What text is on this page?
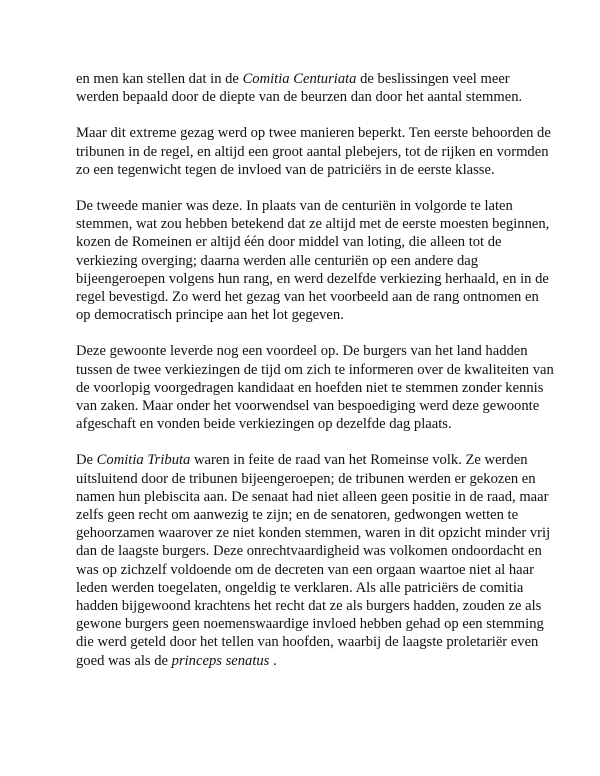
en men kan stellen dat in de Comitia Centuriata de beslissingen veel meer werden bepaald door de diepte van de beurzen dan door het aantal stemmen.

Maar dit extreme gezag werd op twee manieren beperkt. Ten eerste behoorden de tribunen in de regel, en altijd een groot aantal plebejers, tot de rijken en vormden zo een tegenwicht tegen de invloed van de patriciërs in de eerste klasse.

De tweede manier was deze. In plaats van de centuriën in volgorde te laten stemmen, wat zou hebben betekend dat ze altijd met de eerste moesten beginnen, kozen de Romeinen er altijd één door middel van loting, die alleen tot de verkiezing overging; daarna werden alle centuriën op een andere dag bijeengeroepen volgens hun rang, en werd dezelfde verkiezing herhaald, en in de regel bevestigd. Zo werd het gezag van het voorbeeld aan de rang ontnomen en op democratisch principe aan het lot gegeven.

Deze gewoonte leverde nog een voordeel op. De burgers van het land hadden tussen de twee verkiezingen de tijd om zich te informeren over de kwaliteiten van de voorlopig voorgedragen kandidaat en hoefden niet te stemmen zonder kennis van zaken. Maar onder het voorwendsel van bespoediging werd deze gewoonte afgeschaft en vonden beide verkiezingen op dezelfde dag plaats.

De Comitia Tributa waren in feite de raad van het Romeinse volk. Ze werden uitsluitend door de tribunen bijeengeroepen; de tribunen werden er gekozen en namen hun plebiscita aan. De senaat had niet alleen geen positie in de raad, maar zelfs geen recht om aanwezig te zijn; en de senatoren, gedwongen wetten te gehoorzamen waarover ze niet konden stemmen, waren in dit opzicht minder vrij dan de laagste burgers. Deze onrechtvaardigheid was volkomen ondoordacht en was op zichzelf voldoende om de decreten van een orgaan waartoe niet al haar leden werden toegelaten, ongeldig te verklaren. Als alle patriciërs de comitia hadden bijgewoond krachtens het recht dat ze als burgers hadden, zouden ze als gewone burgers geen noemenswaardige invloed hebben gehad op een stemming die werd geteld door het tellen van hoofden, waarbij de laagste proletariër even goed was als de princeps senatus .
